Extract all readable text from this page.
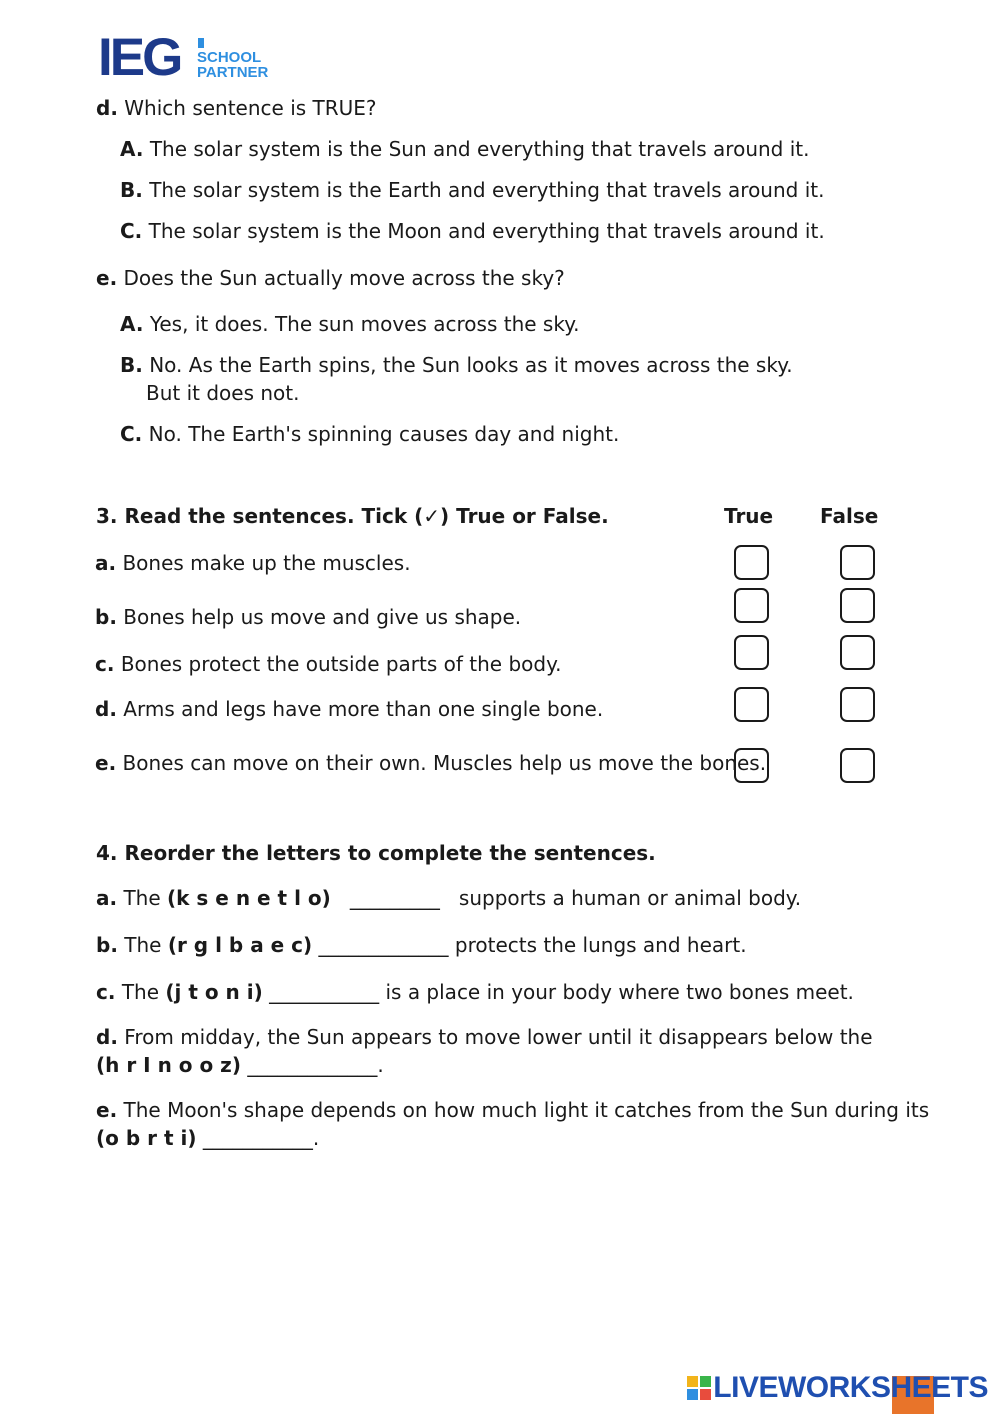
IEG SCHOOL
PARTNER
d. Which sentence is TRUE?
A. The solar system is the Sun and everything that travels around it.
B. The solar system is the Earth and everything that travels around it.
C. The solar system is the Moon and everything that travels around it.
e. Does the Sun actually move across the sky?
A. Yes, it does. The sun moves across the sky.
B. No. As the Earth spins, the Sun looks as it moves across the sky.
But it does not.
C. No. The Earth's spinning causes day and night.
3. Read the sentences. Tick (✓) True or False.	True False
a. Bones make up the muscles.
b. Bones help us move and give us shape.
c. Bones protect the outside parts of the body.
d. Arms and legs have more than one single bone.
e. Bones can move on their own. Muscles help us move the bones.
4. Reorder the letters to complete the sentences.
a. The (k s e n e t l o) _________ supports a human or animal body.
b. The (r g l b a e c) _____________ protects the lungs and heart.
c. The (j t o n i) ___________ is a place in your body where two bones meet.
d. From midday, the Sun appears to move lower until it disappears below the
(h r I n o o z) _____________.
e. The Moon's shape depends on how much light it catches from the Sun during its
(o b r t i) ___________.
LIVEWORKSHEETS
